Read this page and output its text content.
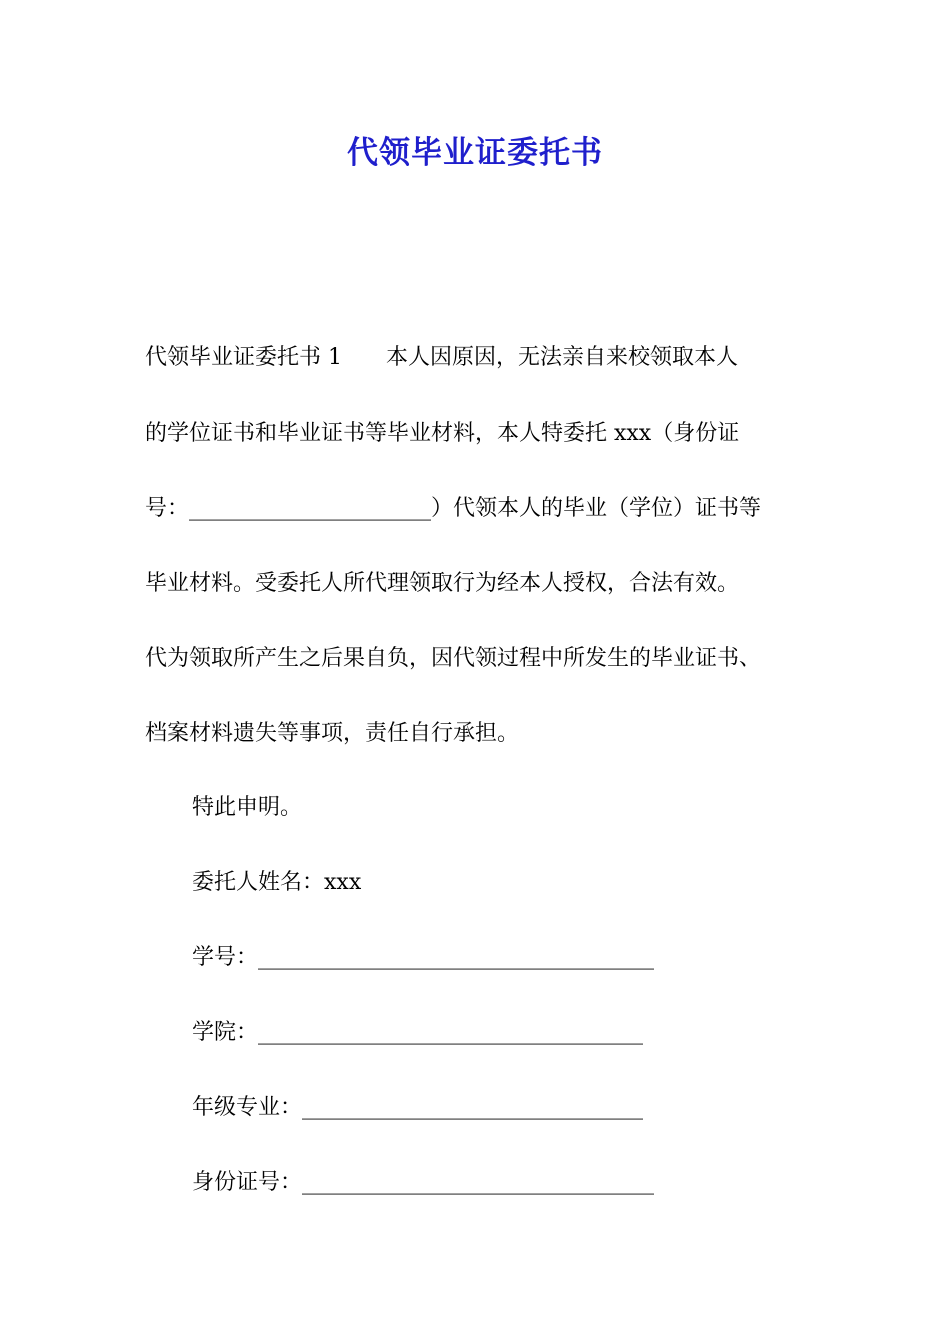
代领毕业证委托书
代领毕业证委托书 1 本人因原因，无法亲自来校领取本人
的学位证书和毕业证书等毕业材料，本人特委托 xxx（身份证
号：______________________）代领本人的毕业（学位）证书等
毕业材料。受委托人所代理领取行为经本人授权，合法有效。
代为领取所产生之后果自负，因代领过程中所发生的毕业证书、
档案材料遗失等事项，责任自行承担。
特此申明。
委托人姓名：xxx
学号：____________________________________
学院：___________________________________
年级专业：_______________________________
身份证号：________________________________
